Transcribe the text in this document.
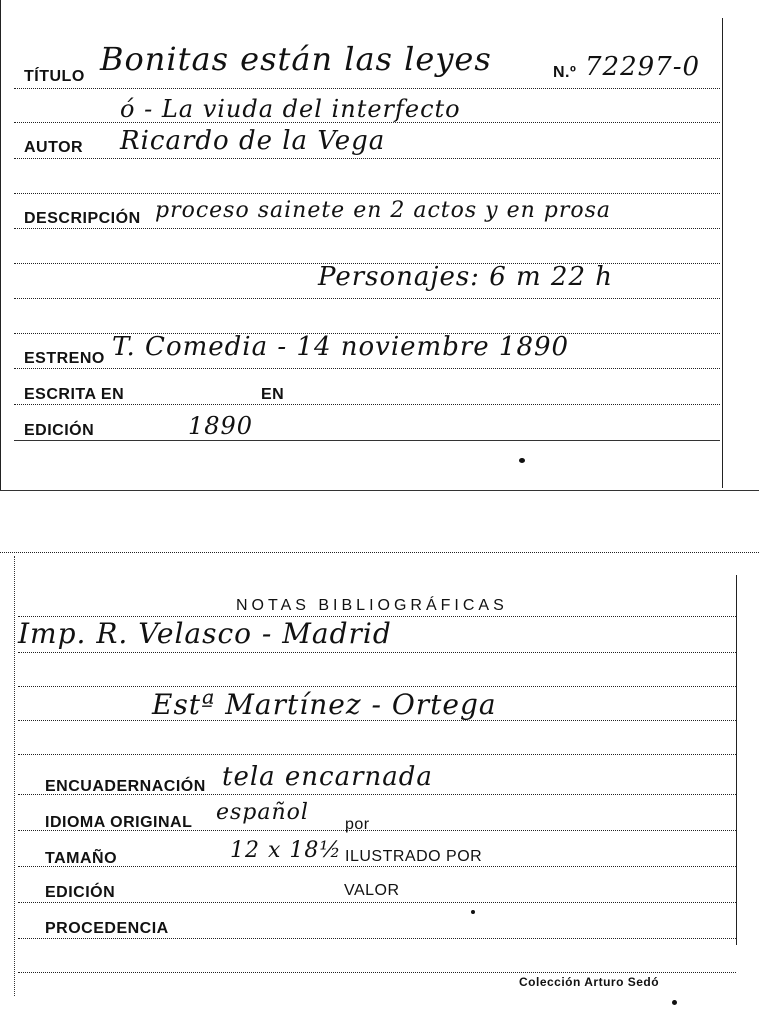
TÍTULO Bonitas están las leyes	N.º 72297-0
ó - La viuda del interfecto
AUTOR Ricardo de la Vega
DESCRIPCIÓN proceso sainete en 2 actos y en prosa
Personajes: 6 m 22 h
ESTRENO T. Comedia - 14 noviembre 1890
ESCRITA EN	EN
EDICIÓN	1890
NOTAS BIBLIOGRÁFICAS
Imp. R. Velasco - Madrid
Estª Martínez - Ortega
ENCUADERNACIÓN tela encarnada
IDIOMA ORIGINAL español por
TAMAÑO	12 x 18½ ILUSTRADO POR
EDICIÓN	VALOR
PROCEDENCIA
Colección Arturo Sedó
